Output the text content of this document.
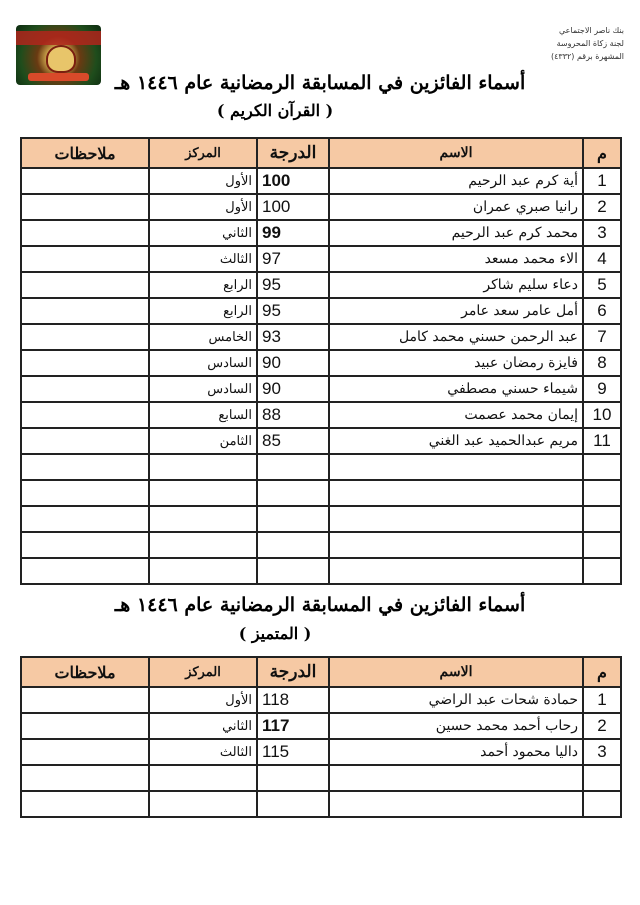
بنك ناصر الاجتماعي
لجنة زكاة المحروسة
المشهرة برقم (٤٣٣٢)
أسماء الفائزين في المسابقة الرمضانية عام ١٤٤٦ هـ
( القرآن الكريم )
م	الاسم	الدرجة	المركز	ملاحظات
1	أية كرم عبد الرحيم	100	الأول	
2	رانيا صبري عمران	100	الأول	
3	محمد كرم عبد الرحيم	99	الثاني	
4	الاء محمد مسعد	97	الثالث	
5	دعاء سليم شاكر	95	الرابع	
6	أمل عامر سعد عامر	95	الرابع	
7	عبد الرحمن حسني محمد كامل	93	الخامس	
8	فايزة رمضان عبيد	90	السادس	
9	شيماء حسني مصطفي	90	السادس	
10	إيمان محمد عصمت	88	السابع	
11	مريم عبدالحميد عبد الغني	85	الثامن	

أسماء الفائزين في المسابقة الرمضانية عام ١٤٤٦ هـ
( المتميز )
م	الاسم	الدرجة	المركز	ملاحظات
1	حمادة شحات عبد الراضي	118	الأول	
2	رحاب أحمد محمد حسين	117	الثاني	
3	داليا محمود أحمد	115	الثالث	
